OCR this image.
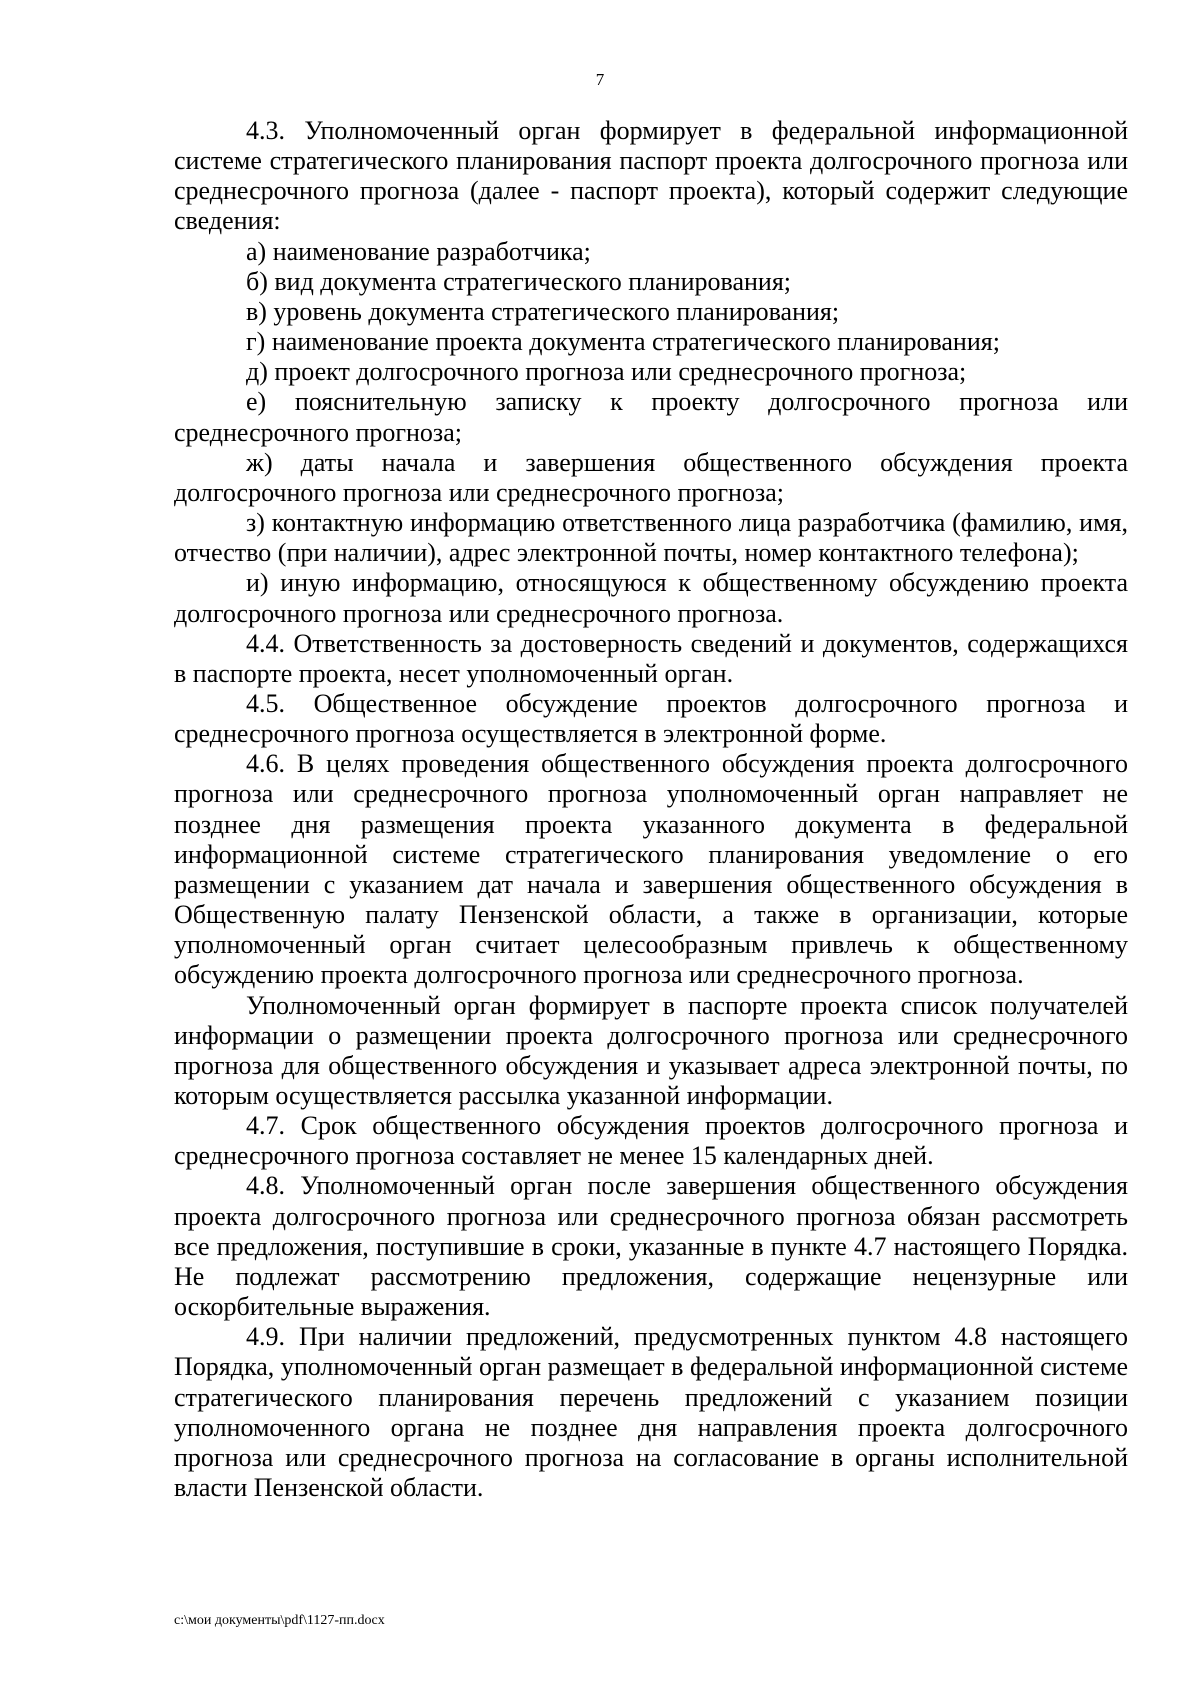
7

4.3. Уполномоченный орган формирует в федеральной информационной системе стратегического планирования паспорт проекта долгосрочного прогноза или среднесрочного прогноза (далее - паспорт проекта), который содержит следующие сведения:

а) наименование разработчика;

б) вид документа стратегического планирования;

в) уровень документа стратегического планирования;

г) наименование проекта документа стратегического планирования;

д) проект долгосрочного прогноза или среднесрочного прогноза;

е) пояснительную записку к проекту долгосрочного прогноза или среднесрочного прогноза;

ж) даты начала и завершения общественного обсуждения проекта долгосрочного прогноза или среднесрочного прогноза;

з) контактную информацию ответственного лица разработчика (фамилию, имя, отчество (при наличии), адрес электронной почты, номер контактного телефона);

и) иную информацию, относящуюся к общественному обсуждению проекта долгосрочного прогноза или среднесрочного прогноза.

4.4. Ответственность за достоверность сведений и документов, содержащихся в паспорте проекта, несет уполномоченный орган.

4.5. Общественное обсуждение проектов долгосрочного прогноза и среднесрочного прогноза осуществляется в электронной форме.

4.6. В целях проведения общественного обсуждения проекта долгосрочного прогноза или среднесрочного прогноза уполномоченный орган направляет не позднее дня размещения проекта указанного документа в федеральной информационной системе стратегического планирования уведомление о его размещении с указанием дат начала и завершения общественного обсуждения в Общественную палату Пензенской области, а также в организации, которые уполномоченный орган считает целесообразным привлечь к общественному обсуждению проекта долгосрочного прогноза или среднесрочного прогноза.

Уполномоченный орган формирует в паспорте проекта список получателей информации о размещении проекта долгосрочного прогноза или среднесрочного прогноза для общественного обсуждения и указывает адреса электронной почты, по которым осуществляется рассылка указанной информации.

4.7. Срок общественного обсуждения проектов долгосрочного прогноза и среднесрочного прогноза составляет не менее 15 календарных дней.

4.8. Уполномоченный орган после завершения общественного обсуждения проекта долгосрочного прогноза или среднесрочного прогноза обязан рассмотреть все предложения, поступившие в сроки, указанные в пункте 4.7 настоящего Порядка. Не подлежат рассмотрению предложения, содержащие нецензурные или оскорбительные выражения.

4.9. При наличии предложений, предусмотренных пунктом 4.8 настоящего Порядка, уполномоченный орган размещает в федеральной информационной системе стратегического планирования перечень предложений с указанием позиции уполномоченного органа не позднее дня направления проекта долгосрочного прогноза или среднесрочного прогноза на согласование в органы исполнительной власти Пензенской области.

c:\мои документы\pdf\1127-пп.docx
